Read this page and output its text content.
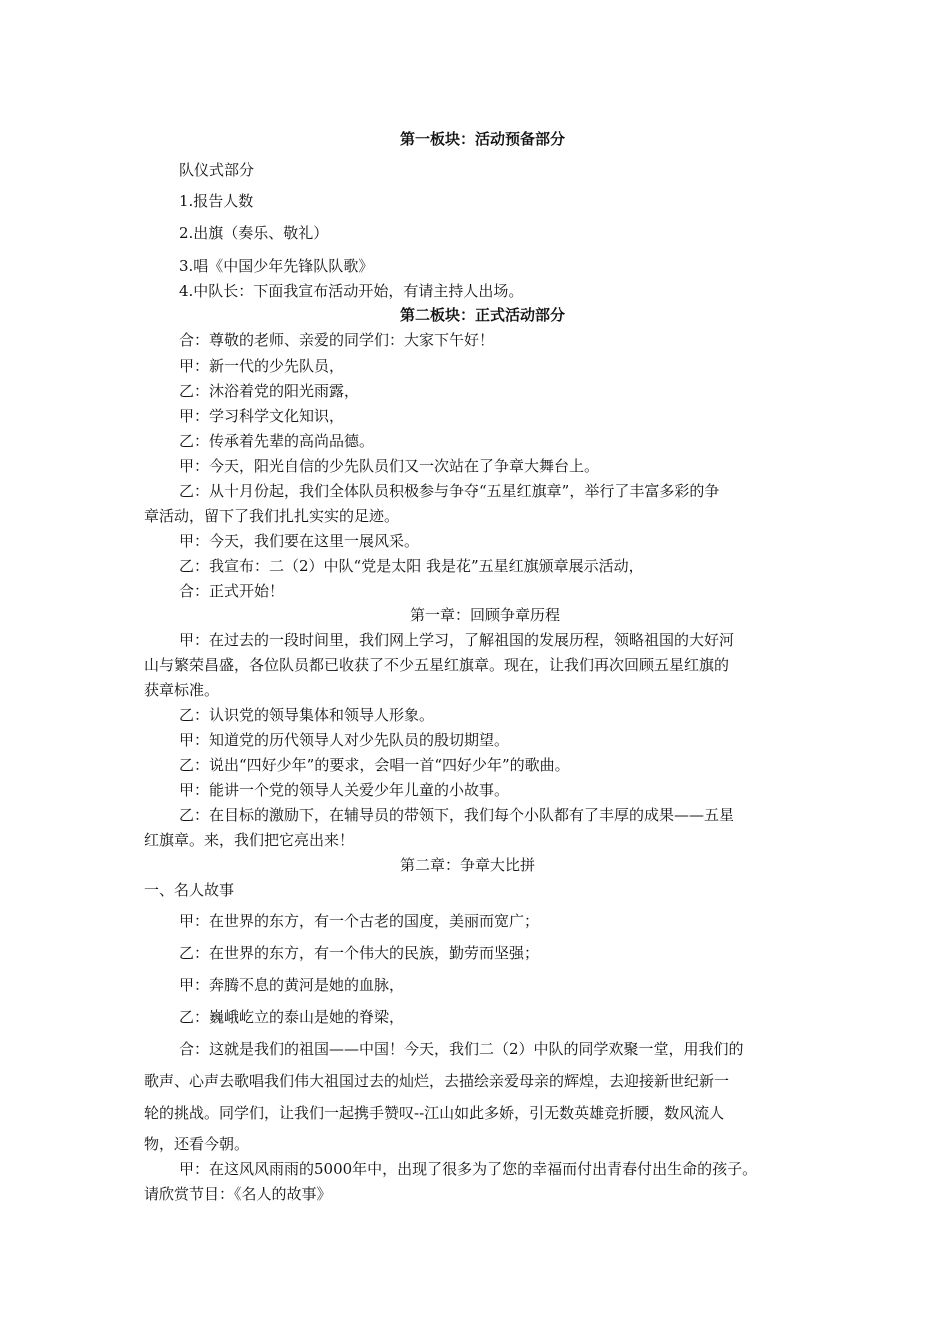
第一板块：活动预备部分
队仪式部分
1.报告人数
2.出旗（奏乐、敬礼）
3.唱《中国少年先锋队队歌》
4.中队长：下面我宣布活动开始，有请主持人出场。
第二板块：正式活动部分
合：尊敬的老师、亲爱的同学们：大家下午好！
甲：新一代的少先队员，
乙：沐浴着党的阳光雨露，
甲：学习科学文化知识，
乙：传承着先辈的高尚品德。
甲：今天，阳光自信的少先队员们又一次站在了争章大舞台上。
乙：从十月份起，我们全体队员积极参与争夺“五星红旗章”，举行了丰富多彩的争
章活动，留下了我们扎扎实实的足迹。
甲：今天，我们要在这里一展风采。
乙：我宣布：二（2）中队“党是太阳 我是花”五星红旗颁章展示活动，
合：正式开始！
第一章：回顾争章历程
甲：在过去的一段时间里，我们网上学习，了解祖国的发展历程，领略祖国的大好河
山与繁荣昌盛，各位队员都已收获了不少五星红旗章。现在，让我们再次回顾五星红旗的
获章标准。
乙：认识党的领导集体和领导人形象。
甲：知道党的历代领导人对少先队员的殷切期望。
乙：说出“四好少年”的要求，会唱一首“四好少年”的歌曲。
甲：能讲一个党的领导人关爱少年儿童的小故事。
乙：在目标的激励下，在辅导员的带领下，我们每个小队都有了丰厚的成果——五星
红旗章。来，我们把它亮出来！
第二章：争章大比拼
一、名人故事
甲：在世界的东方，有一个古老的国度，美丽而宽广；
乙：在世界的东方，有一个伟大的民族，勤劳而坚强；
甲：奔腾不息的黄河是她的血脉，
乙：巍峨屹立的泰山是她的脊梁，
合：这就是我们的祖国——中国！今天，我们二（2）中队的同学欢聚一堂，用我们的
歌声、心声去歌唱我们伟大祖国过去的灿烂，去描绘亲爱母亲的辉煌，去迎接新世纪新一
轮的挑战。同学们，让我们一起携手赞叹--江山如此多娇，引无数英雄竞折腰，数风流人
物，还看今朝。
甲：在这风风雨雨的5000年中，出现了很多为了您的幸福而付出青春付出生命的孩子。
请欣赏节目：《名人的故事》
